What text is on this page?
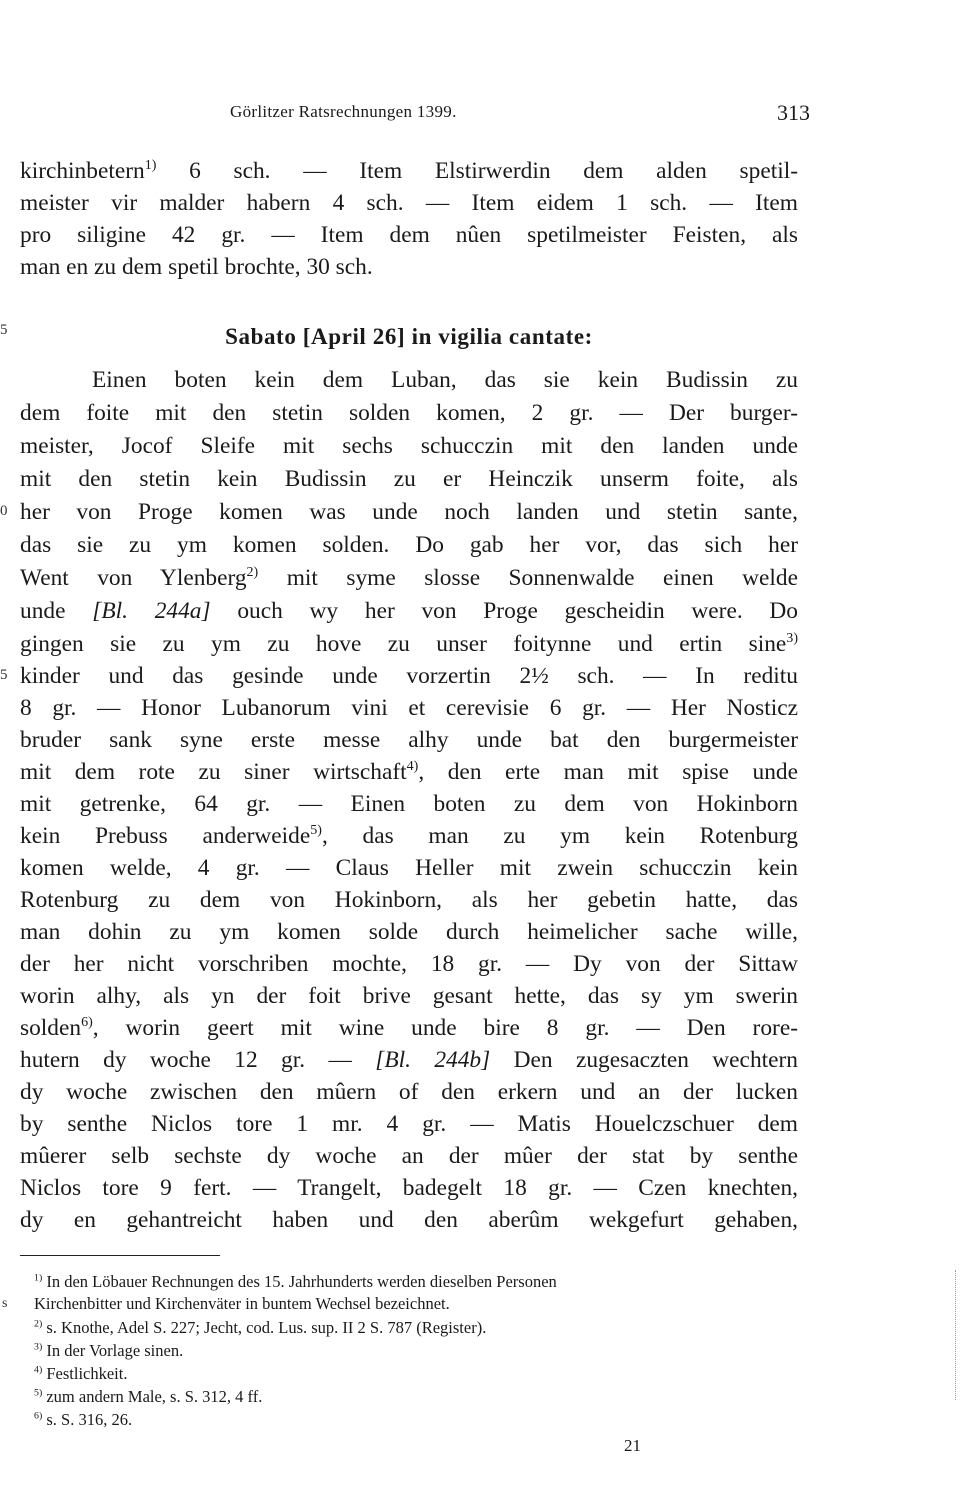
Görlitzer Ratsrechnungen 1399.	313
kirchinbetern$^{1)}$ 6 sch. — Item Elstirwerdin dem alden spetil-
meister vir malder habern 4 sch. — Item eidem 1 sch. — Item
pro siligine 42 gr. — Item dem nûen spetilmeister Feisten, als
man en zu dem spetil brochte, 30 sch.
5	Sabato [April 26] in vigilia cantate:
Einen boten kein dem Luban, das sie kein Budissin zu
dem foite mit den stetin solden komen, 2 gr. — Der burger-
meister, Jocof Sleife mit sechs schucczin mit den landen unde
mit den stetin kein Budissin zu er Heinczik unserm foite, als
0 her von Proge komen was unde noch landen und stetin sante,
das sie zu ym komen solden. Do gab her vor, das sich her
Went von Ylenberg$^{2)}$ mit syme slosse Sonnenwalde einen welde
unde [Bl. 244a] ouch wy her von Proge gescheidin were. Do
gingen sie zu ym zu hove zu unser foitynne und ertin sine$^{3)}$
5 kinder und das gesinde unde vorzertin 2½ sch. — In reditu
8 gr. — Honor Lubanorum vini et cerevisie 6 gr. — Her Nosticz
bruder sank syne erste messe alhy unde bat den burgermeister
mit dem rote zu siner wirtschaft$^{4)}$, den erte man mit spise unde
mit getrenke, 64 gr. — Einen boten zu dem von Hokinborn
kein Prebuss anderweide$^{5)}$, das man zu ym kein Rotenburg
komen welde, 4 gr. — Claus Heller mit zwein schucczin kein
Rotenburg zu dem von Hokinborn, als her gebetin hatte, das
man dohin zu ym komen solde durch heimelicher sache wille,
der her nicht vorschriben mochte, 18 gr. — Dy von der Sittaw
worin alhy, als yn der foit brive gesant hette, das sy ym swerin
solden$^{6)}$, worin geert mit wine unde bire 8 gr. — Den rore-
hutern dy woche 12 gr. — [Bl. 244b] Den zugesaczten wechtern
dy woche zwischen den mûern of den erkern und an der lucken
by senthe Niclos tore 1 mr. 4 gr. — Matis Houelczschuer dem
mûerer selb sechste dy woche an der mûer der stat by senthe
Niclos tore 9 fert. — Trangelt, badegelt 18 gr. — Czen knechten,
dy en gehantreicht haben und den aberûm wekgefurt gehaben,
$^{1)}$ In den Löbauer Rechnungen des 15. Jahrhunderts werden dieselben Personen
s	Kirchenbitter und Kirchenväter in buntem Wechsel bezeichnet.
$^{2)}$ s. Knothe, Adel S. 227; Jecht, cod. Lus. sup. II 2 S. 787 (Register).
$^{3)}$ In der Vorlage sinen.
$^{4)}$ Festlichkeit.
$^{5)}$ zum andern Male, s. S. 312, 4 ff.
$^{6)}$ s. S. 316, 26.
21
